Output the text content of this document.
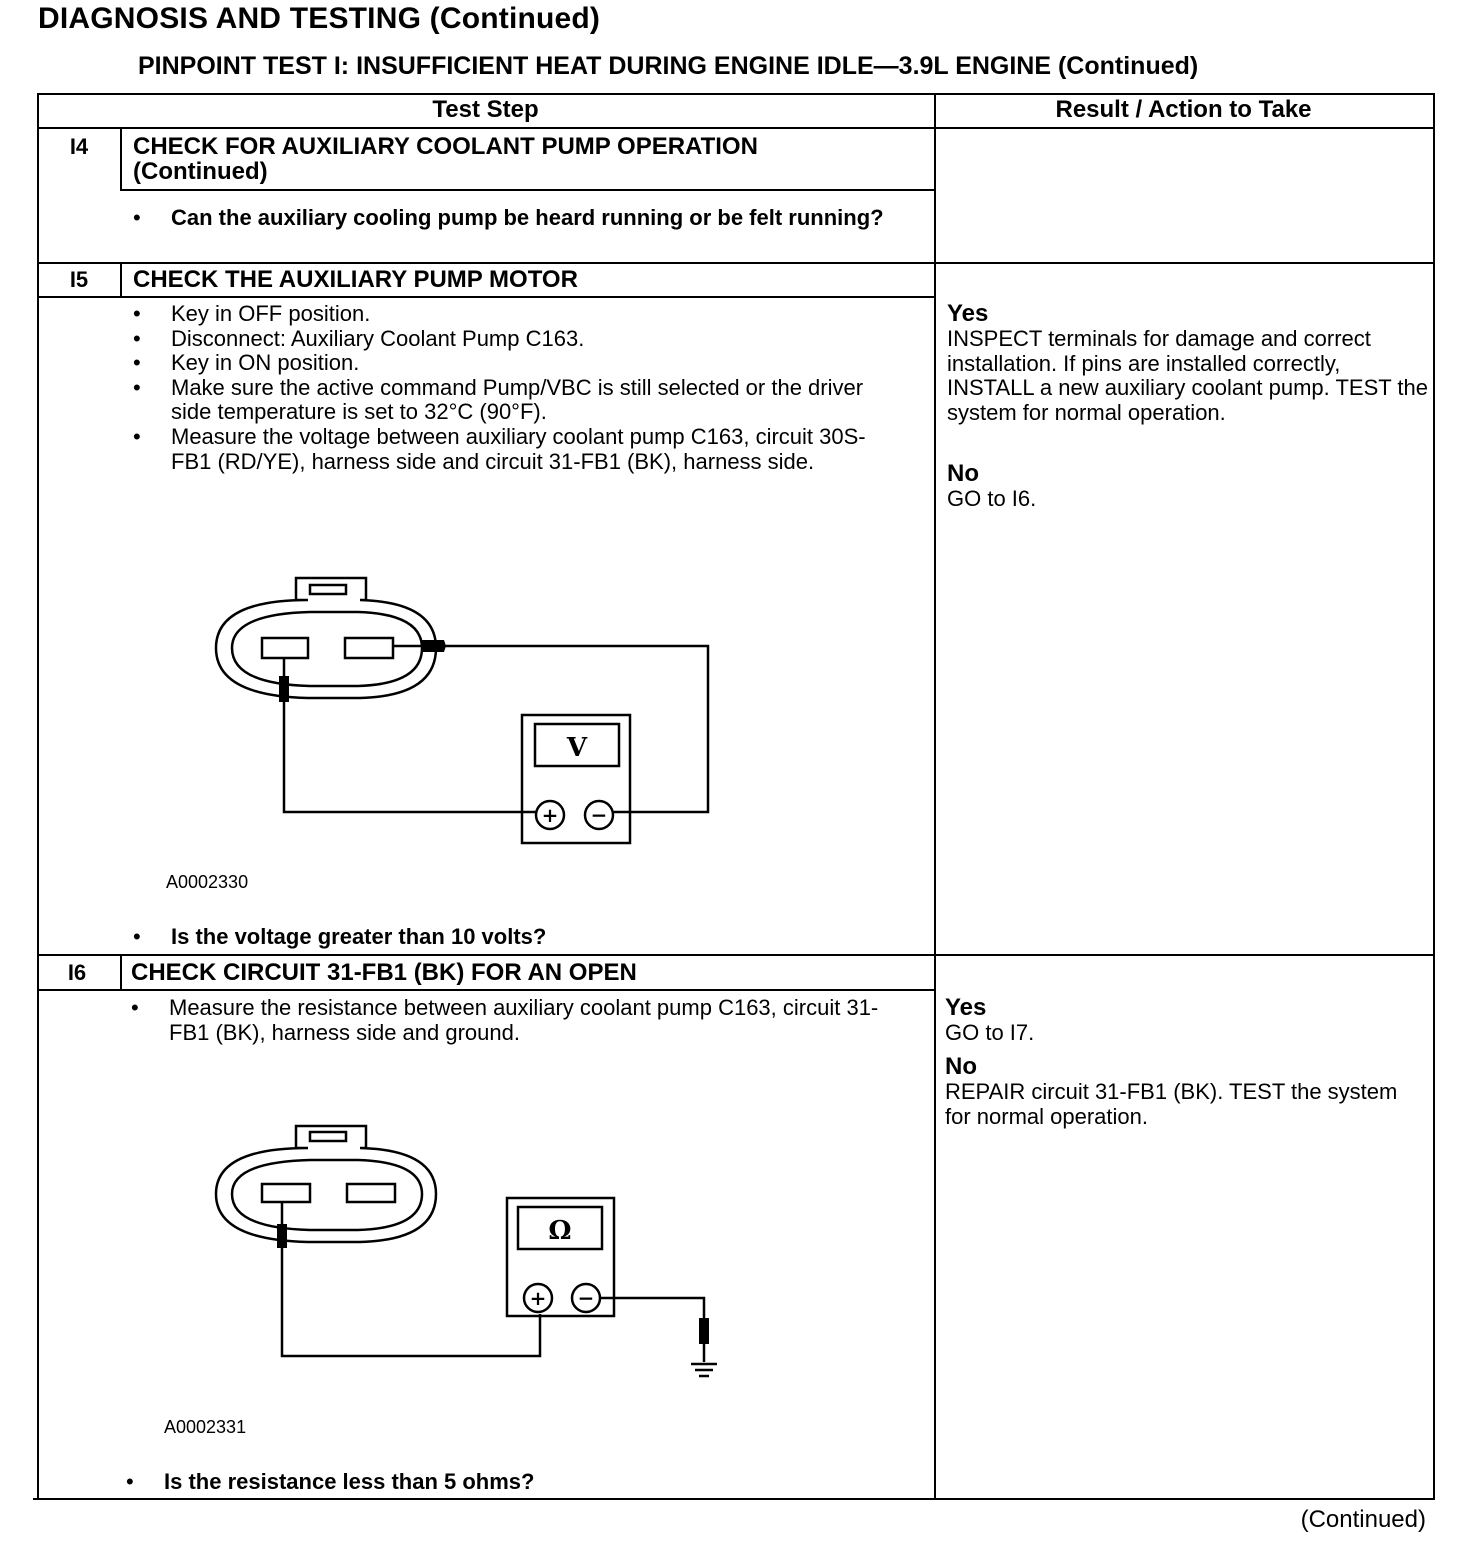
DIAGNOSIS AND TESTING (Continued)
PINPOINT TEST I: INSUFFICIENT HEAT DURING ENGINE IDLE—3.9L ENGINE (Continued)
Test Step	Result / Action to Take
I4	CHECK FOR AUXILIARY COOLANT PUMP OPERATION (Continued)
• Can the auxiliary cooling pump be heard running or be felt running?
I5	CHECK THE AUXILIARY PUMP MOTOR
• Key in OFF position.
• Disconnect: Auxiliary Coolant Pump C163.
• Key in ON position.
• Make sure the active command Pump/VBC is still selected or the driver side temperature is set to 32°C (90°F).
• Measure the voltage between auxiliary coolant pump C163, circuit 30S-FB1 (RD/YE), harness side and circuit 31-FB1 (BK), harness side.
V
+ −
A0002330
• Is the voltage greater than 10 volts?
Yes
INSPECT terminals for damage and correct installation. If pins are installed correctly, INSTALL a new auxiliary coolant pump. TEST the system for normal operation.
No
GO to I6.
I6	CHECK CIRCUIT 31-FB1 (BK) FOR AN OPEN
• Measure the resistance between auxiliary coolant pump C163, circuit 31-FB1 (BK), harness side and ground.
Ω
+ −
A0002331
• Is the resistance less than 5 ohms?
Yes
GO to I7.
No
REPAIR circuit 31-FB1 (BK). TEST the system for normal operation.
(Continued)
